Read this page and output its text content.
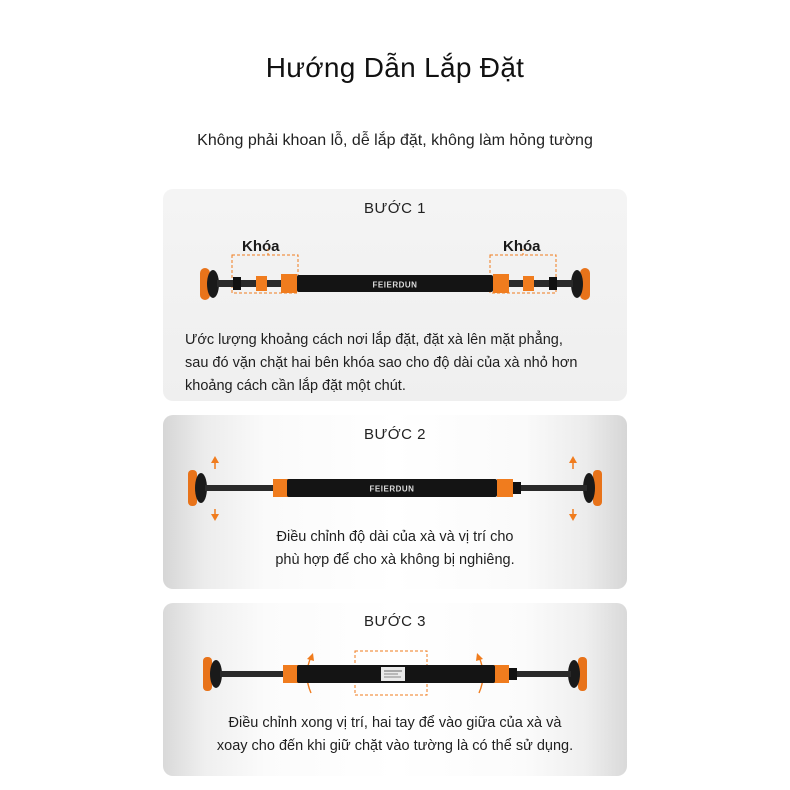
Hướng Dẫn Lắp Đặt
Không phải khoan lỗ, dễ lắp đặt, không làm hỏng tường
BƯỚC 1
Khóa	Khóa
FEIERDUN
Ước lượng khoảng cách nơi lắp đặt, đặt xà lên mặt phẳng,
sau đó vặn chặt hai bên khóa sao cho độ dài của xà nhỏ hơn
khoảng cách cần lắp đặt một chút.
BƯỚC 2
FEIERDUN
Điều chỉnh độ dài của xà và vị trí cho
phù hợp để cho xà không bị nghiêng.
BƯỚC 3
Điều chỉnh xong vị trí, hai tay để vào giữa của xà và
xoay cho đến khi giữ chặt vào tường là có thể sử dụng.
